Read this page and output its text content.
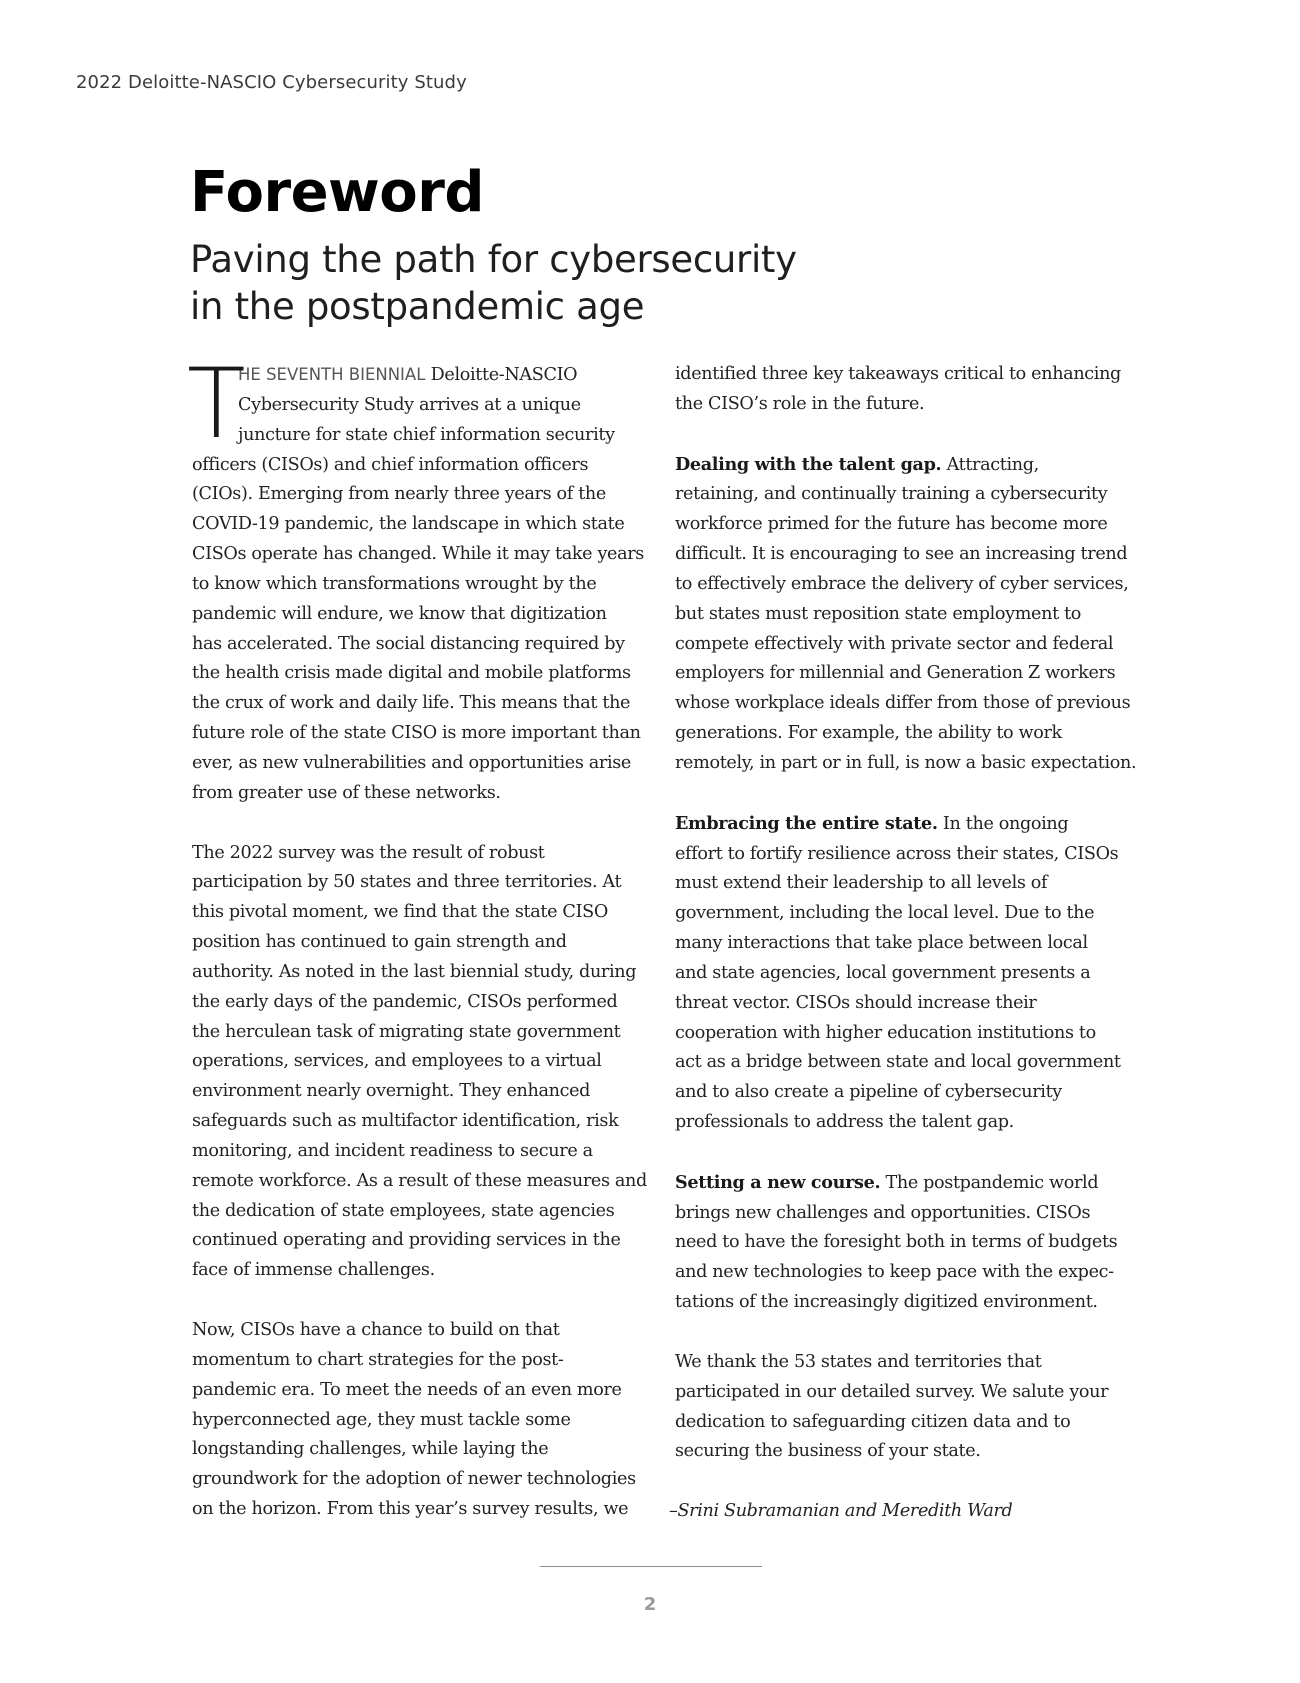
2022 Deloitte-NASCIO Cybersecurity Study
Foreword
Paving the path for cybersecurity
in the postpandemic age
T
HE SEVENTH BIENNIAL Deloitte-NASCIO
Cybersecurity Study arrives at a unique
juncture for state chief information security

officers (CISOs) and chief information officers
(CIOs). Emerging from nearly three years of the
COVID-19 pandemic, the landscape in which state
CISOs operate has changed. While it may take years
to know which transformations wrought by the
pandemic will endure, we know that digitization
has accelerated. The social distancing required by
the health crisis made digital and mobile platforms
the crux of work and daily life. This means that the
future role of the state CISO is more important than
ever, as new vulnerabilities and opportunities arise
from greater use of these networks.

The 2022 survey was the result of robust
participation by 50 states and three territories. At
this pivotal moment, we find that the state CISO
position has continued to gain strength and
authority. As noted in the last biennial study, during
the early days of the pandemic, CISOs performed
the herculean task of migrating state government
operations, services, and employees to a virtual
environment nearly overnight. They enhanced
safeguards such as multifactor identification, risk
monitoring, and incident readiness to secure a
remote workforce. As a result of these measures and
the dedication of state employees, state agencies
continued operating and providing services in the
face of immense challenges.

Now, CISOs have a chance to build on that
momentum to chart strategies for the post-
pandemic era. To meet the needs of an even more
hyperconnected age, they must tackle some
longstanding challenges, while laying the
groundwork for the adoption of newer technologies
on the horizon. From this year’s survey results, we

identified three key takeaways critical to enhancing
the CISO’s role in the future.

Dealing with the talent gap. Attracting,
retaining, and continually training a cybersecurity
workforce primed for the future has become more
difficult. It is encouraging to see an increasing trend
to effectively embrace the delivery of cyber services,
but states must reposition state employment to
compete effectively with private sector and federal
employers for millennial and Generation Z workers
whose workplace ideals differ from those of previous
generations. For example, the ability to work
remotely, in part or in full, is now a basic expectation.

Embracing the entire state. In the ongoing
effort to fortify resilience across their states, CISOs
must extend their leadership to all levels of
government, including the local level. Due to the
many interactions that take place between local
and state agencies, local government presents a
threat vector. CISOs should increase their
cooperation with higher education institutions to
act as a bridge between state and local government
and to also create a pipeline of cybersecurity
professionals to address the talent gap.

Setting a new course. The postpandemic world
brings new challenges and opportunities. CISOs
need to have the foresight both in terms of budgets
and new technologies to keep pace with the expec-
tations of the increasingly digitized environment.

We thank the 53 states and territories that
participated in our detailed survey. We salute your
dedication to safeguarding citizen data and to
securing the business of your state.

–Srini Subramanian and Meredith Ward

2
